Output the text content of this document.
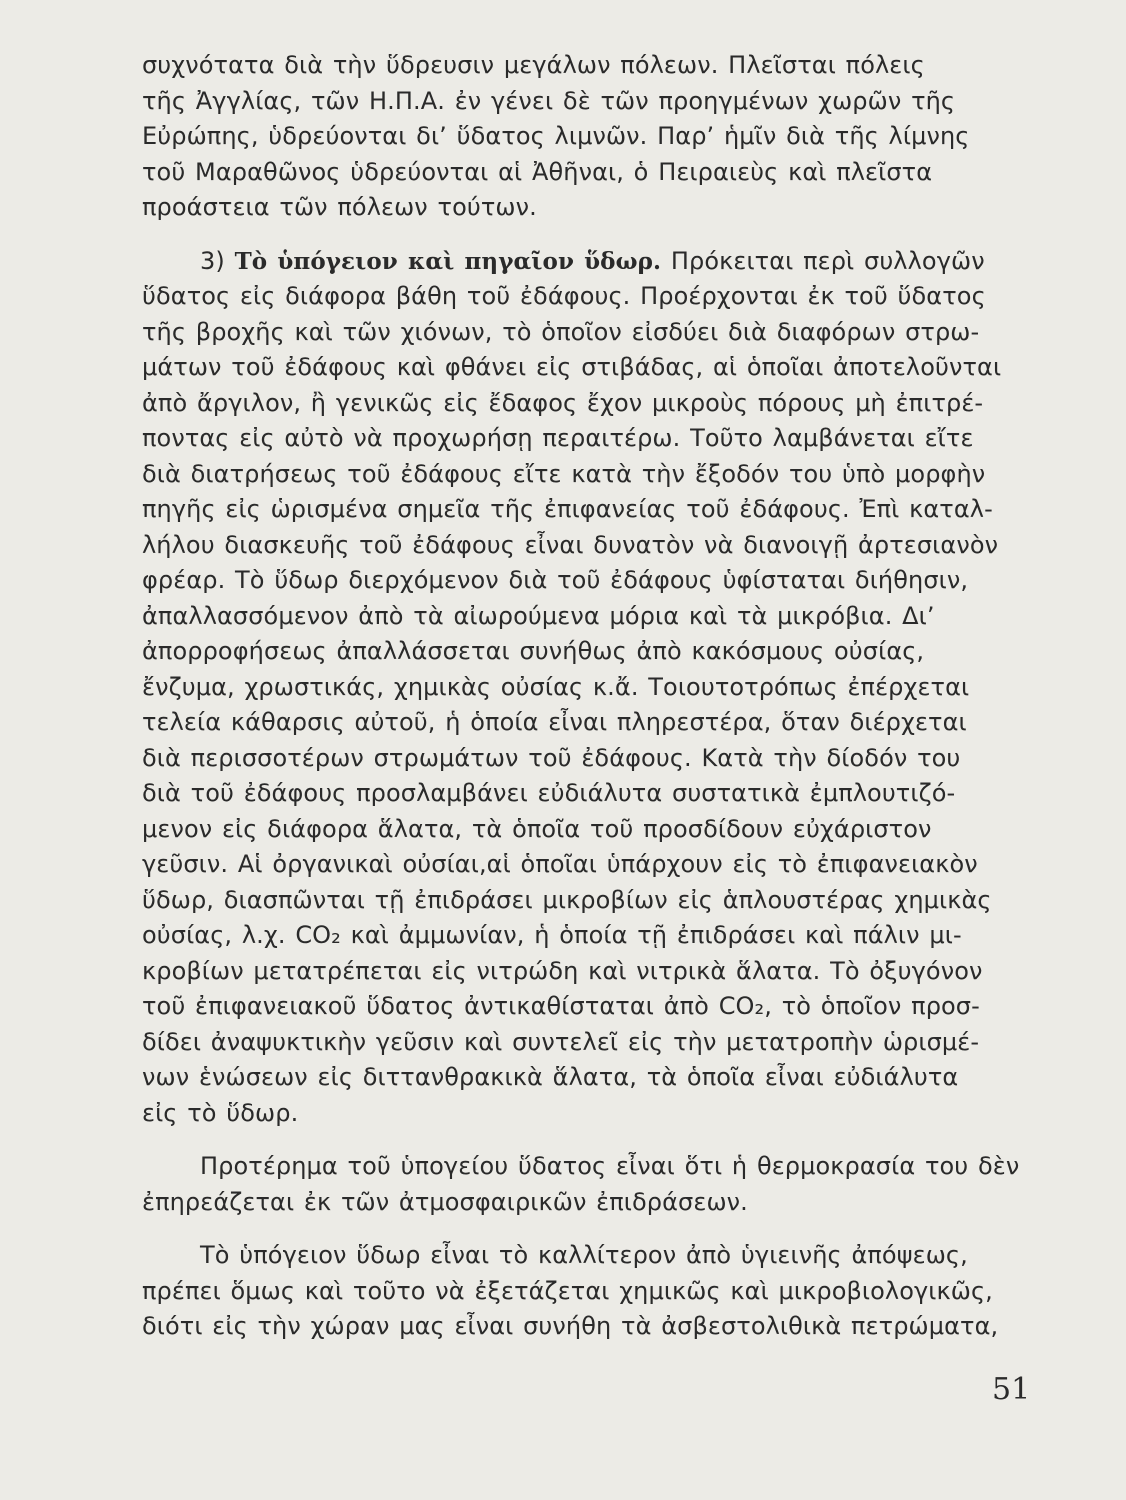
συχνότατα διὰ τὴν ὕδρευσιν μεγάλων πόλεων. Πλεῖσται πόλεις
τῆς Ἀγγλίας, τῶν Η.Π.Α. ἐν γένει δὲ τῶν προηγμένων χωρῶν τῆς
Εὐρώπης, ὑδρεύονται δι’ ὕδατος λιμνῶν. Παρ’ ἡμῖν διὰ τῆς λίμνης
τοῦ Μαραθῶνος ὑδρεύονται αἱ Ἀθῆναι, ὁ Πειραιεὺς καὶ πλεῖστα
προάστεια τῶν πόλεων τούτων.
3) Τὸ ὑπόγειον καὶ πηγαῖον ὕδωρ. Πρόκειται περὶ συλλογῶν
ὕδατος εἰς διάφορα βάθη τοῦ ἐδάφους. Προέρχονται ἐκ τοῦ ὕδατος
τῆς βροχῆς καὶ τῶν χιόνων, τὸ ὁποῖον εἰσδύει διὰ διαφόρων στρω-
μάτων τοῦ ἐδάφους καὶ φθάνει εἰς στιβάδας, αἱ ὁποῖαι ἀποτελοῦνται
ἀπὸ ἄργιλον, ἢ γενικῶς εἰς ἔδαφος ἔχον μικροὺς πόρους μὴ ἐπιτρέ-
ποντας εἰς αὐτὸ νὰ προχωρήσῃ περαιτέρω. Τοῦτο λαμβάνεται εἴτε
διὰ διατρήσεως τοῦ ἐδάφους εἴτε κατὰ τὴν ἔξοδόν του ὑπὸ μορφὴν
πηγῆς εἰς ὡρισμένα σημεῖα τῆς ἐπιφανείας τοῦ ἐδάφους. Ἐπὶ καταλ-
λήλου διασκευῆς τοῦ ἐδάφους εἶναι δυνατὸν νὰ διανοιγῇ ἀρτεσιανὸν
φρέαρ. Τὸ ὕδωρ διερχόμενον διὰ τοῦ ἐδάφους ὑφίσταται διήθησιν,
ἀπαλλασσόμενον ἀπὸ τὰ αἰωρούμενα μόρια καὶ τὰ μικρόβια. Δι’
ἀπορροφήσεως ἀπαλλάσσεται συνήθως ἀπὸ κακόσμους οὐσίας,
ἔνζυμα, χρωστικάς, χημικὰς οὐσίας κ.ἄ. Τοιουτοτρόπως ἐπέρχεται
τελεία κάθαρσις αὐτοῦ, ἡ ὁποία εἶναι πληρεστέρα, ὅταν διέρχεται
διὰ περισσοτέρων στρωμάτων τοῦ ἐδάφους. Κατὰ τὴν δίοδόν του
διὰ τοῦ ἐδάφους προσλαμβάνει εὐδιάλυτα συστατικὰ ἐμπλουτιζό-
μενον εἰς διάφορα ἅλατα, τὰ ὁποῖα τοῦ προσδίδουν εὐχάριστον
γεῦσιν. Αἱ ὀργανικαὶ οὐσίαι,αἱ ὁποῖαι ὑπάρχουν εἰς τὸ ἐπιφανειακὸν
ὕδωρ, διασπῶνται τῇ ἐπιδράσει μικροβίων εἰς ἁπλουστέρας χημικὰς
οὐσίας, λ.χ. CO₂ καὶ ἀμμωνίαν, ἡ ὁποία τῇ ἐπιδράσει καὶ πάλιν μι-
κροβίων μετατρέπεται εἰς νιτρώδη καὶ νιτρικὰ ἅλατα. Τὸ ὀξυγόνον
τοῦ ἐπιφανειακοῦ ὕδατος ἀντικαθίσταται ἀπὸ CO₂, τὸ ὁποῖον προσ-
δίδει ἀναψυκτικὴν γεῦσιν καὶ συντελεῖ εἰς τὴν μετατροπὴν ὡρισμέ-
νων ἑνώσεων εἰς διττανθρακικὰ ἅλατα, τὰ ὁποῖα εἶναι εὐδιάλυτα
εἰς τὸ ὕδωρ.
Προτέρημα τοῦ ὑπογείου ὕδατος εἶναι ὅτι ἡ θερμοκρασία του δὲν
ἐπηρεάζεται ἐκ τῶν ἀτμοσφαιρικῶν ἐπιδράσεων.
Τὸ ὑπόγειον ὕδωρ εἶναι τὸ καλλίτερον ἀπὸ ὑγιεινῆς ἀπόψεως,
πρέπει ὅμως καὶ τοῦτο νὰ ἐξετάζεται χημικῶς καὶ μικροβιολογικῶς,
διότι εἰς τὴν χώραν μας εἶναι συνήθη τὰ ἀσβεστολιθικὰ πετρώματα,
51
